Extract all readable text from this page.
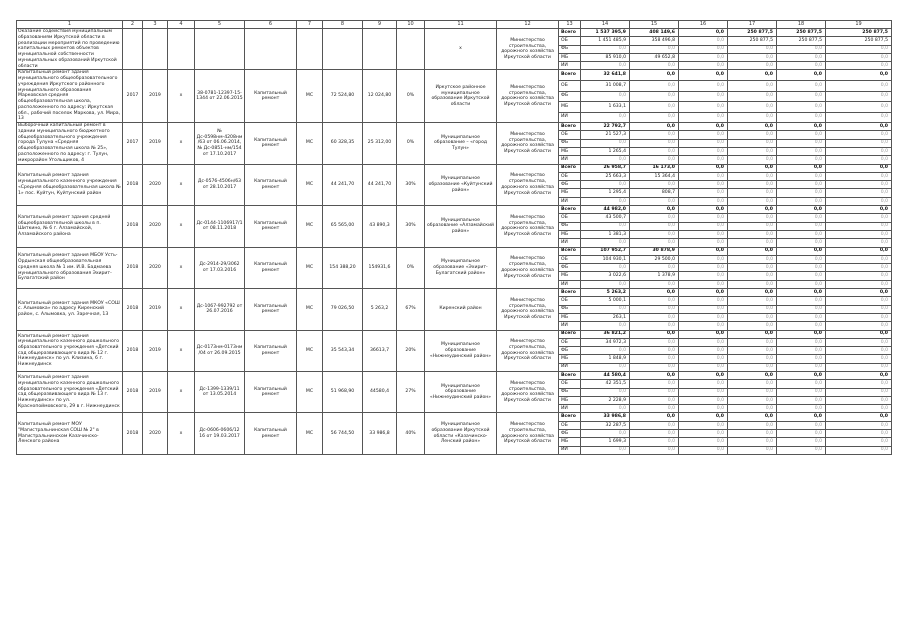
1	2	3	4	5	6	7	8	9	10	11	12	13	14	15	16	17	18	19
Оказание содействия муниципальным образованиям Иркутской области в реализации мероприятий по проведению капитальных ремонтов объектов муниципальной собственности муниципальных образований Иркутской области										х	Министерство строительства, дорожного хозяйства Иркутской области	Всего	1 537 395,9	408 149,6	0,0	250 877,5	250 877,5	250 877,5
												ОБ	1 451 485,9	358 496,8	0,0	250 877,5	250 877,5	250 877,5
												ФБ	0,0	0,0	0,0	0,0	0,0	0,0
												МБ	85 910,0	49 652,8	0,0	0,0	0,0	0,0
												ИИ	0,0	0,0	0,0	0,0	0,0	0,0
Капитальный ремонт здания муниципального общеобразовательного учреждения Иркутского районного муниципального образования Марковская средняя общеобразовательная школа, расположенного по адресу: Иркутская обл., рабочий поселок Маркова, ул. Мира, 13	2017	2019	х	38-0781-12397-15-1344 от 22.06.2015	Капитальный ремонт	МС	72 524,80	12 024,80	0%	Иркутское районное муниципальное образование Иркутской области	Министерство строительства, дорожного хозяйства Иркутской области	Всего	32 641,8	0,0	0,0	0,0	0,0	0,0
												ОБ	31 008,7	0,0	0,0	0,0	0,0	0,0
												ФБ	0,0	0,0	0,0	0,0	0,0	0,0
												МБ	1 633,1	0,0	0,0	0,0	0,0	0,0
												ИИ	0,0	0,0	0,0	0,0	0,0	0,0
Выборочный капитальный ремонт в здании муниципального бюджетного общеобразовательного учреждения города Тулуна «Средняя общеобразовательная школа № 25», расположенного по адресу: г. Тулун, микрорайон Угольщиков, 4	2017	2019	х	№ Дс-0598нм-4208нм/63 от 06.06.2014, № Дс-0851-нм/154 от 17.10.2017	Капитальный ремонт	МС	60 328,35	25 312,00	0%	Муниципальное образование – «город Тулун»	Министерство строительства, дорожного хозяйства Иркутской области	Всего	22 792,7	0,0	0,0	0,0	0,0	0,0
												ОБ	21 527,3	0,0	0,0	0,0	0,0	0,0
												ФБ	0,0	0,0	0,0	0,0	0,0	0,0
												МБ	1 265,4	0,0	0,0	0,0	0,0	0,0
												ИИ	0,0	0,0	0,0	0,0	0,0	0,0
Капитальный ремонт здания муниципального казенного учреждения «Средняя общеобразовательная школа № 1» пос. Куйтун, Куйтунский район	2018	2020	х	Дс-0576-4506н/63 от 28.10.2017	Капитальный ремонт	МС	44 241,70	44 241,70	30%	Муниципальное образование «Куйтунский район»	Министерство строительства, дорожного хозяйства Иркутской области	Всего	26 958,7	16 173,0	0,0	0,0	0,0	0,0
												ОБ	25 663,3	15 364,4	0,0	0,0	0,0	0,0
												ФБ	0,0	0,0	0,0	0,0	0,0	0,0
												МБ	1 295,4	808,7	0,0	0,0	0,0	0,0
												ИИ	0,0	0,0	0,0	0,0	0,0	0,0
Капитальный ремонт здания средней общеобразовательной школы в п. Шиткино, № 6 г. Алзамайской, Алзамайского района	2018	2020	х	Дс-0144-1106917/1 от 08.11.2018	Капитальный ремонт	МС	65 565,00	43 890,3	30%	Муниципальное образование «Алзамайский район»	Министерство строительства, дорожного хозяйства Иркутской области	Всего	44 982,0	0,0	0,0	0,0	0,0	0,0
												ОБ	43 500,7	0,0	0,0	0,0	0,0	0,0
												ФБ	0,0	0,0	0,0	0,0	0,0	0,0
												МБ	1 381,3	0,0	0,0	0,0	0,0	0,0
												ИИ	0,0	0,0	0,0	0,0	0,0	0,0
Капитальный ремонт здания МБОУ Усть-Ордынская общеобразовательная средняя школа № 1 им. И.В. Бадмаева муниципального образования Эхирит-Булагатский район	2018	2020	х	Дс-2914-29/3062 от 17.03.2016	Капитальный ремонт	МС	154 388,20	154931,6	0%	Муниципальное образование «Эхирит-Булагатский район»	Министерство строительства, дорожного хозяйства Иркутской области	Всего	107 952,7	30 878,9	0,0	0,0	0,0	0,0
												ОБ	104 930,1	29 500,0	0,0	0,0	0,0	0,0
												ФБ	0,0	0,0	0,0	0,0	0,0	0,0
												МБ	3 022,6	1 378,9	0,0	0,0	0,0	0,0
												ИИ	0,0	0,0	0,0	0,0	0,0	0,0
Капитальный ремонт здания МКОУ «СОШ с. Алымовка» по адресу Киренский район, с. Алымовка, ул. Заречная, 13	2018	2019	х	Дс-1067-992792 от 26.07.2016	Капитальный ремонт	МС	79 026,50	5 263,2	67%	Киренский район	Министерство строительства, дорожного хозяйства Иркутской области	Всего	5 263,2	0,0	0,0	0,0	0,0	0,0
												ОБ	5 000,1	0,0	0,0	0,0	0,0	0,0
												ФБ	0,0	0,0	0,0	0,0	0,0	0,0
												МБ	263,1	0,0	0,0	0,0	0,0	0,0
												ИИ	0,0	0,0	0,0	0,0	0,0	0,0
Капитальный ремонт здания муниципального казенного дошкольного образовательного учреждения «Детский сад общеразвивающего вида № 12 г. Нижнеудинск» по ул. Клизина, 6 г. Нижнеудинск	2018	2019	х	Дс-0173нм-0173нм/04 от 26.09.2015	Капитальный ремонт	МС	35 543,34	36613,7	20%	Муниципальное образование «Нижнеудинский район»	Министерство строительства, дорожного хозяйства Иркутской области	Всего	36 821,2	0,0	0,0	0,0	0,0	0,0
												ОБ	34 972,3	0,0	0,0	0,0	0,0	0,0
												ФБ	0,0	0,0	0,0	0,0	0,0	0,0
												МБ	1 848,9	0,0	0,0	0,0	0,0	0,0
												ИИ	0,0	0,0	0,0	0,0	0,0	0,0
Капитальный ремонт здания муниципального казенного дошкольного образовательного учреждения «Детский сад общеразвивающего вида № 13 г. Нижнеудинск» по ул. Краснопоймовского, 29 в г. Нижнеудинск	2018	2019	х	Дс-1399-1339/11 от 13.05.2014	Капитальный ремонт	МС	51 968,90	44580,4	27%	Муниципальное образование «Нижнеудинский район»	Министерство строительства, дорожного хозяйства Иркутской области	Всего	44 580,4	0,0	0,0	0,0	0,0	0,0
												ОБ	42 351,5	0,0	0,0	0,0	0,0	0,0
												ФБ	0,0	0,0	0,0	0,0	0,0	0,0
												МБ	2 228,9	0,0	0,0	0,0	0,0	0,0
												ИИ	0,0	0,0	0,0	0,0	0,0	0,0
Капитальный ремонт МОУ "Магистральнинская СОШ № 2" в Магистральнинском Казачинско-Ленского района	2018	2020	х	Дс-0606-0606/12 16 от 19.03.2017	Капитальный ремонт	МС	56 744,50	33 986,8	40%	Муниципальное образование Иркутской области «Казачинско-Ленский район»	Министерство строительства, дорожного хозяйства Иркутской области	Всего	33 986,8	0,0	0,0	0,0	0,0	0,0
												ОБ	32 287,5	0,0	0,0	0,0	0,0	0,0
												ФБ	0,0	0,0	0,0	0,0	0,0	0,0
												МБ	1 699,3	0,0	0,0	0,0	0,0	0,0
												ИИ	0,0	0,0	0,0	0,0	0,0	0,0
